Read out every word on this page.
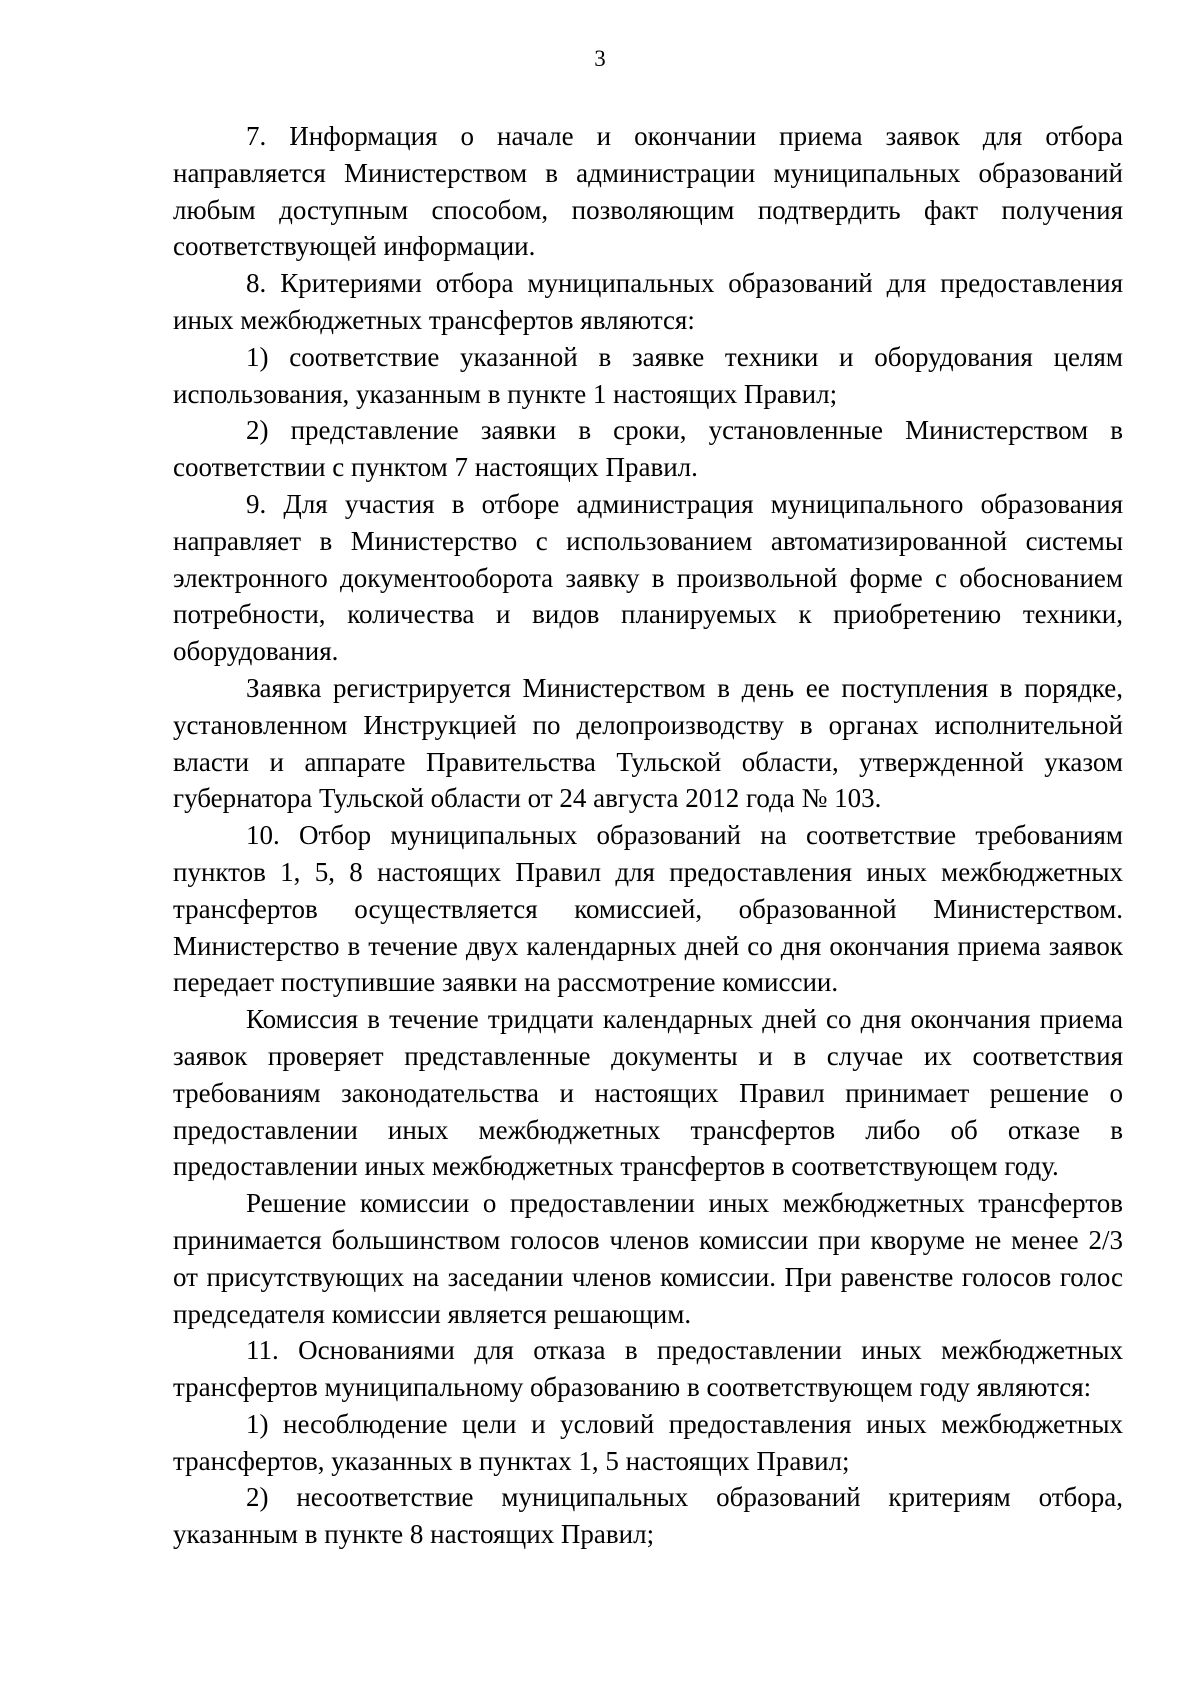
3

7. Информация о начале и окончании приема заявок для отбора направляется Министерством в администрации муниципальных образований любым доступным способом, позволяющим подтвердить факт получения соответствующей информации.

8. Критериями отбора муниципальных образований для предоставления иных межбюджетных трансфертов являются:

1) соответствие указанной в заявке техники и оборудования целям использования, указанным в пункте 1 настоящих Правил;

2) представление заявки в сроки, установленные Министерством в соответствии с пунктом 7 настоящих Правил.

9. Для участия в отборе администрация муниципального образования направляет в Министерство с использованием автоматизированной системы электронного документооборота заявку в произвольной форме с обоснованием потребности, количества и видов планируемых к приобретению техники, оборудования.

Заявка регистрируется Министерством в день ее поступления в порядке, установленном Инструкцией по делопроизводству в органах исполнительной власти и аппарате Правительства Тульской области, утвержденной указом губернатора Тульской области от 24 августа 2012 года № 103.

10. Отбор муниципальных образований на соответствие требованиям пунктов 1, 5, 8 настоящих Правил для предоставления иных межбюджетных трансфертов осуществляется комиссией, образованной Министерством. Министерство в течение двух календарных дней со дня окончания приема заявок передает поступившие заявки на рассмотрение комиссии.

Комиссия в течение тридцати календарных дней со дня окончания приема заявок проверяет представленные документы и в случае их соответствия требованиям законодательства и настоящих Правил принимает решение о предоставлении иных межбюджетных трансфертов либо об отказе в предоставлении иных межбюджетных трансфертов в соответствующем году.

Решение комиссии о предоставлении иных межбюджетных трансфертов принимается большинством голосов членов комиссии при кворуме не менее 2/3 от присутствующих на заседании членов комиссии. При равенстве голосов голос председателя комиссии является решающим.

11. Основаниями для отказа в предоставлении иных межбюджетных трансфертов муниципальному образованию в соответствующем году являются:

1) несоблюдение цели и условий предоставления иных межбюджетных трансфертов, указанных в пунктах 1, 5 настоящих Правил;

2) несоответствие муниципальных образований критериям отбора, указанным в пункте 8 настоящих Правил;
